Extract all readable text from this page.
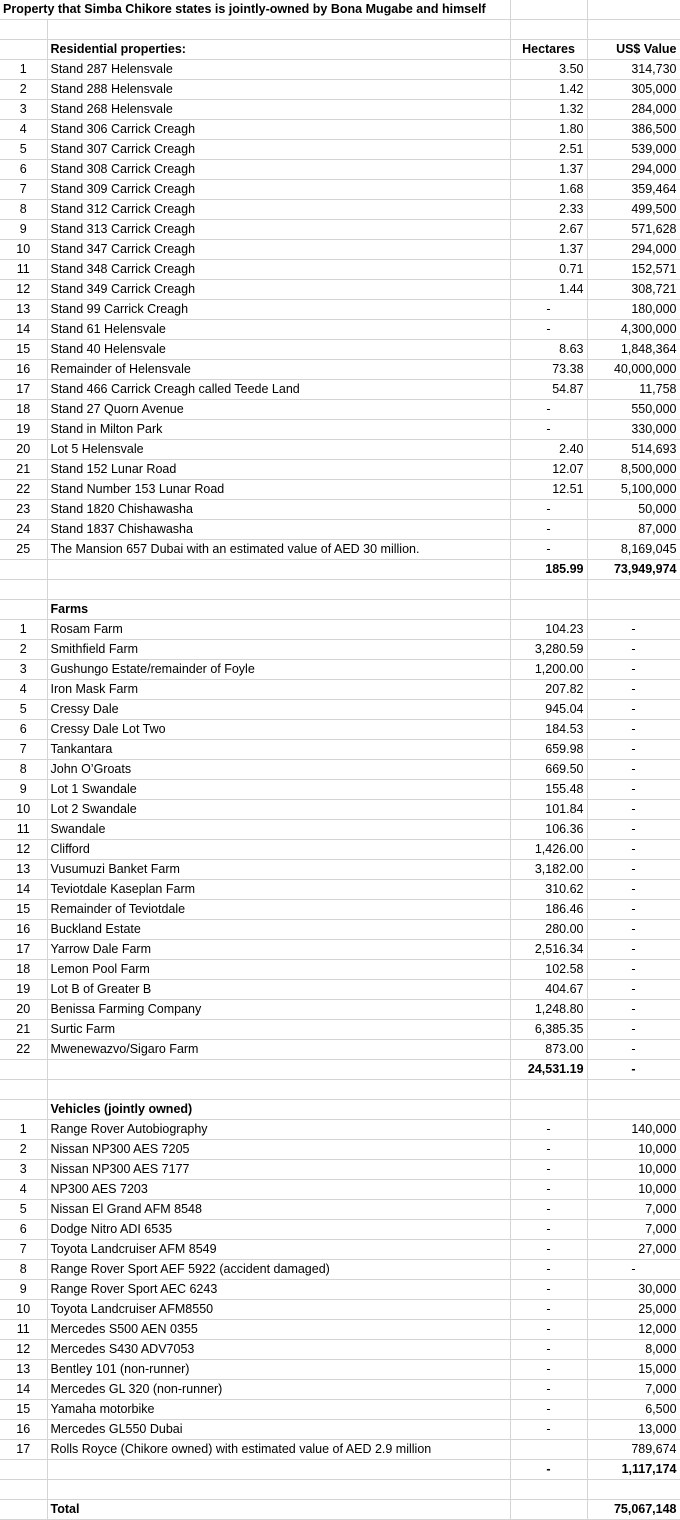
Property that Simba Chikore states is jointly-owned by Bona Mugabe and himself			

	Residential properties:	Hectares	US$ Value
1	Stand 287 Helensvale	3.50	314,730
2	Stand 288 Helensvale	1.42	305,000
3	Stand 268 Helensvale	1.32	284,000
4	Stand 306 Carrick Creagh	1.80	386,500
5	Stand 307 Carrick Creagh	2.51	539,000
6	Stand 308 Carrick Creagh	1.37	294,000
7	Stand 309 Carrick Creagh	1.68	359,464
8	Stand 312 Carrick Creagh	2.33	499,500
9	Stand 313 Carrick Creagh	2.67	571,628
10	Stand 347 Carrick Creagh	1.37	294,000
11	Stand 348 Carrick Creagh	0.71	152,571
12	Stand 349 Carrick Creagh	1.44	308,721
13	Stand 99 Carrick Creagh	-	180,000
14	Stand 61 Helensvale	-	4,300,000
15	Stand 40 Helensvale	8.63	1,848,364
16	Remainder of Helensvale	73.38	40,000,000
17	Stand 466 Carrick Creagh called Teede Land	54.87	11,758
18	Stand 27 Quorn Avenue	-	550,000
19	Stand in Milton Park	-	330,000
20	Lot 5 Helensvale	2.40	514,693
21	Stand 152 Lunar Road	12.07	8,500,000
22	Stand Number 153 Lunar Road	12.51	5,100,000
23	Stand 1820 Chishawasha	-	50,000
24	Stand 1837 Chishawasha	-	87,000
25	The Mansion 657 Dubai with an estimated value of AED 30 million.	-	8,169,045
		185.99	73,949,974

	Farms		
1	Rosam Farm	104.23	-
2	Smithfield Farm	3,280.59	-
3	Gushungo Estate/remainder of Foyle	1,200.00	-
4	Iron Mask Farm	207.82	-
5	Cressy Dale	945.04	-
6	Cressy Dale Lot Two	184.53	-
7	Tankantara	659.98	-
8	John O’Groats	669.50	-
9	Lot 1 Swandale	155.48	-
10	Lot 2 Swandale	101.84	-
11	Swandale	106.36	-
12	Clifford	1,426.00	-
13	Vusumuzi Banket Farm	3,182.00	-
14	Teviotdale Kaseplan Farm	310.62	-
15	Remainder of Teviotdale	186.46	-
16	Buckland Estate	280.00	-
17	Yarrow Dale Farm	2,516.34	-
18	Lemon Pool Farm	102.58	-
19	Lot B of Greater B	404.67	-
20	Benissa Farming Company	1,248.80	-
21	Surtic Farm	6,385.35	-
22	Mwenewazvo/Sigaro Farm	873.00	-
		24,531.19	-

	Vehicles (jointly owned)		
1	Range Rover Autobiography	-	140,000
2	Nissan NP300 AES 7205	-	10,000
3	Nissan NP300 AES 7177	-	10,000
4	NP300 AES 7203	-	10,000
5	Nissan El Grand AFM 8548	-	7,000
6	Dodge Nitro ADI 6535	-	7,000
7	Toyota Landcruiser AFM 8549	-	27,000
8	Range Rover Sport AEF 5922 (accident damaged)	-	-
9	Range Rover Sport AEC 6243	-	30,000
10	Toyota Landcruiser AFM8550	-	25,000
11	Mercedes S500 AEN 0355	-	12,000
12	Mercedes S430 ADV7053	-	8,000
13	Bentley 101 (non-runner)	-	15,000
14	Mercedes GL 320 (non-runner)	-	7,000
15	Yamaha motorbike	-	6,500
16	Mercedes GL550 Dubai	-	13,000
17	Rolls Royce (Chikore owned) with estimated value of AED 2.9 million		789,674
		-	1,117,174

	Total		75,067,148
